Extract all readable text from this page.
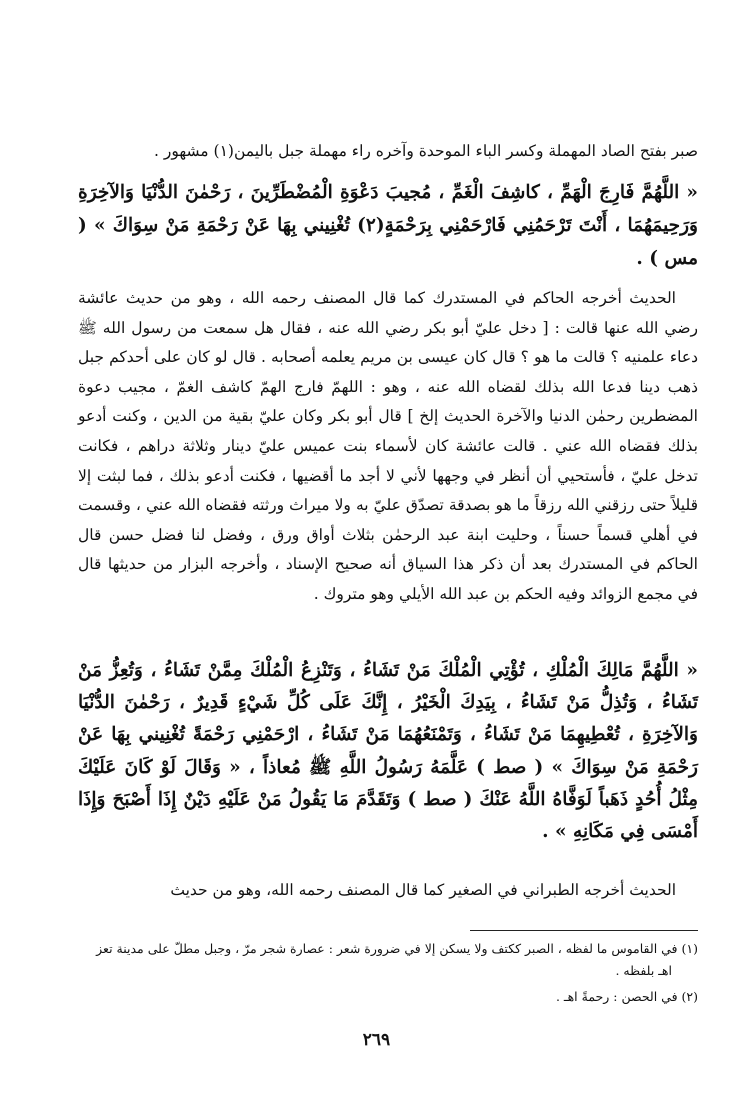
صبر بفتح الصاد المهملة وكسر الباء الموحدة وآخره راء مهملة جبل باليمن(١) مشهور .

« اللَّهُمَّ فَارِجَ الْهَمِّ ، كاشِفَ الْغَمِّ ، مُجيبَ دَعْوَةِ الْمُضْطَرِّينَ ، رَحْمٰنَ الدُّنْيَا وَالآخِرَةِ وَرَحِيمَهُمَا ، أَنْتَ تَرْحَمُنِي فَارْحَمْنِي بِرَحْمَةٍ(٢) تُغْنِيني بِهَا عَنْ رَحْمَةِ مَنْ سِوَاكَ » ( مس ) .

الحديث أخرجه الحاكم في المستدرك كما قال المصنف رحمه الله ، وهو من حديث عائشة رضي الله عنها قالت : [ دخل عليّ أبو بكر رضي الله عنه ، فقال هل سمعت من رسول الله ﷺ دعاء علمنيه ؟ قالت ما هو ؟ قال كان عيسى بن مريم يعلمه أصحابه . قال لو كان على أحدكم جبل ذهب دينا فدعا الله بذلك لقضاه الله عنه ، وهو : اللهمّ فارج الهمّ كاشف الغمّ ، مجيب دعوة المضطرين رحمٰن الدنيا والآخرة الحديث إلخ ] قال أبو بكر وكان عليّ بقية من الدين ، وكنت أدعو بذلك فقضاه الله عني . قالت عائشة كان لأسماء بنت عميس عليّ دينار وثلاثة دراهم ، فكانت تدخل عليّ ، فأستحيي أن أنظر في وجهها لأني لا أجد ما أقضيها ، فكنت أدعو بذلك ، فما لبثت إلا قليلاً حتى رزقني الله رزقاً ما هو بصدقة تصدّق عليّ به ولا ميراث ورثته فقضاه الله عني ، وقسمت في أهلي قسماً حسناً ، وحليت ابنة عبد الرحمٰن بثلاث أواق ورق ، وفضل لنا فضل حسن قال الحاكم في المستدرك بعد أن ذكر هذا السياق أنه صحيح الإسناد ، وأخرجه البزار من حديثها قال في مجمع الزوائد وفيه الحكم بن عبد الله الأيلي وهو متروك .

« اللَّهُمَّ مَالِكَ الْمُلْكِ ، تُؤْتِي الْمُلْكَ مَنْ تَشَاءُ ، وَتَنْزِعُ الْمُلْكَ مِمَّنْ تَشَاءُ ، وَتُعِزُّ مَنْ تَشَاءُ ، وَتُذِلُّ مَنْ تَشَاءُ ، بِيَدِكَ الْخَيْرُ ، إِنَّكَ عَلَى كُلِّ شَيْءٍ قَدِيرٌ ، رَحْمٰنَ الدُّنْيَا وَالآخِرَةِ ، تُعْطِيهِمَا مَنْ تَشَاءُ ، وَتَمْنَعُهُمَا مَنْ تَشَاءُ ، ارْحَمْنِي رَحْمَةً تُغْنِيني بِهَا عَنْ رَحْمَةِ مَنْ سِوَاكَ » ( صط ) عَلَّمَهُ رَسُولُ اللَّهِ ﷺ مُعاذاً ، « وَقَالَ لَوْ كَانَ عَلَيْكَ مِثْلُ أُحُدٍ ذَهَباً لَوَفَّاهُ اللَّهُ عَنْكَ ( صط ) وَتَقَدَّمَ مَا يَقُولُ مَنْ عَلَيْهِ دَيْنٌ إِذَا أَصْبَحَ وَإِذَا أَمْسَى فِي مَكَانِهِ » .

الحديث أخرجه الطبراني في الصغير كما قال المصنف رحمه الله، وهو من حديث

(١) في القاموس ما لفظه ، الصبر ككتف ولا يسكن إلا في ضرورة شعر : عصارة شجر مرّ ، وجبل مطلّ على مدينة تعز
اهـ بلفظه .

(٢) في الحصن : رحمةً اهـ .

٢٦٩
